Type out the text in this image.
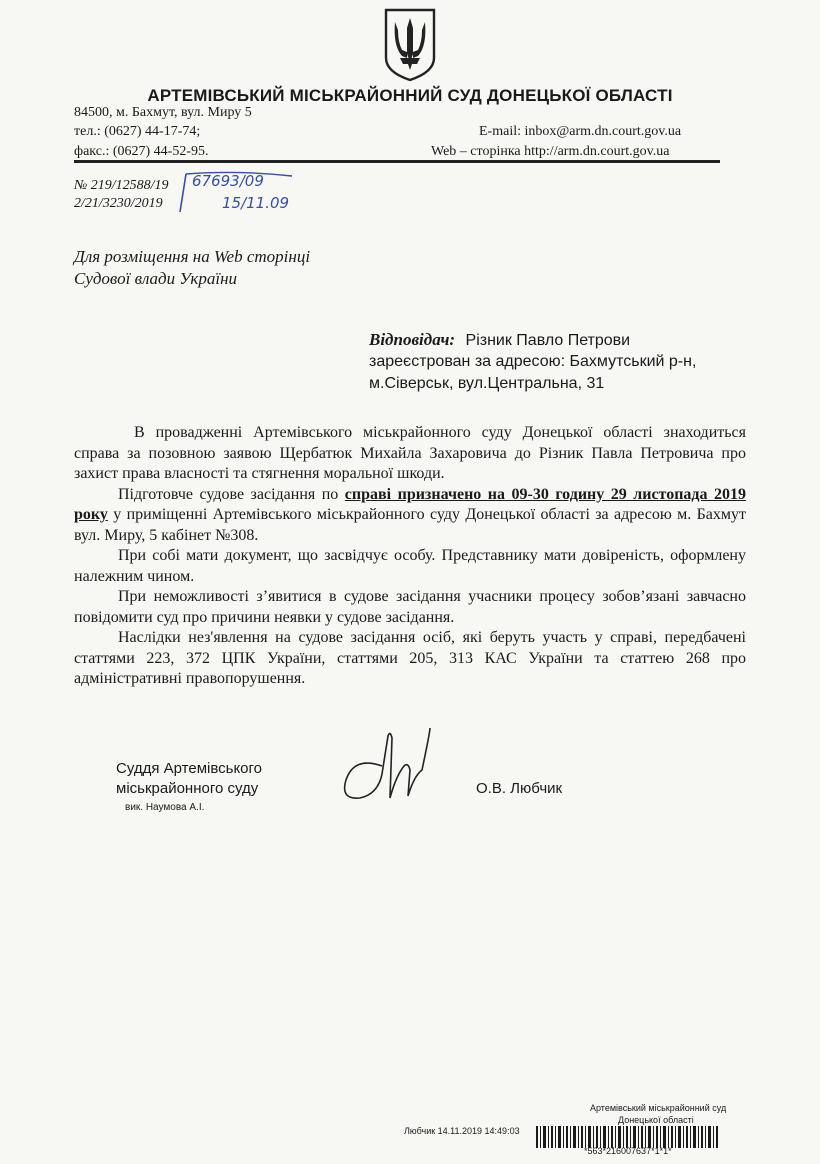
АРТЕМІВСЬКИЙ МІСЬКРАЙОННИЙ СУД ДОНЕЦЬКОЇ ОБЛАСТІ
84500, м. Бахмут, вул. Миру 5
тел.: (0627) 44-17-74;
факс.: (0627) 44-52-95.
E-mail: inbox@arm.dn.court.gov.ua
Web – сторінка http://arm.dn.court.gov.ua
№ 219/12588/19
2/21/3230/2019
67693/09
15/11.09
Для розміщення на Web сторінці
Судової влади України
Відповідач: Різник Павло Петрови
зареєстрован за адресою: Бахмутський р-н,
м.Сіверськ, вул.Центральна, 31

В провадженні Артемівського міськрайонного суду Донецької області знаходиться справа за позовною заявою Щербатюк Михайла Захаровича до Різник Павла Петровича про захист права власності та стягнення моральної шкоди.

Підготовче судове засідання по справі призначено на 09-30 годину 29 листопада 2019 року у приміщенні Артемівського міськрайонного суду Донецької області за адресою м. Бахмут вул. Миру, 5 кабінет №308.

При собі мати документ, що засвідчує особу. Представнику мати довіреність, оформлену належним чином.

При неможливості з’явитися в судове засідання учасники процесу зобов’язані завчасно повідомити суд про причини неявки у судове засідання.

Наслідки нез'явлення на судове засідання осіб, які беруть участь у справі, передбачені статтями 223, 372 ЦПК України, статтями 205, 313 КАС України та статтею 268 про адміністративні правопорушення.

Суддя Артемівського
міськрайонного суду
вик. Наумова А.І.
О.В. Любчик
Артемівський міськрайонний суд
Донецької області
Любчик 14.11.2019 14:49:03
*563*216007637*1*1*
